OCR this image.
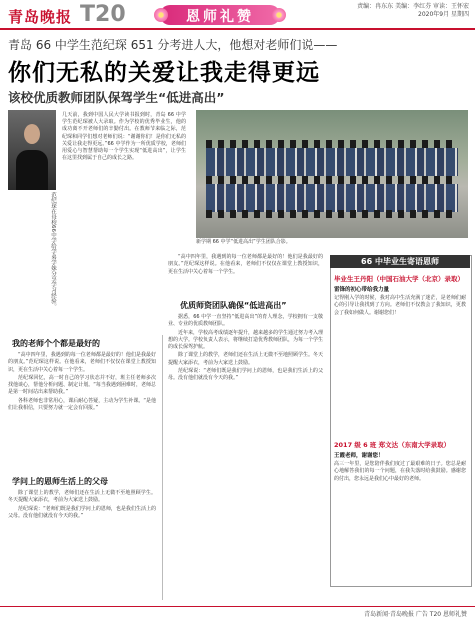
青岛晚报 T20	恩师礼赞
责编：冉东东 美编：李红芬 审读：王怀宏
2020年9月 星期四
青岛 66 中学生范纪琛 651 分考进人大，他想对老师们说——
你们无私的关爱让我走得更远
该校优质教师团队保驾学生“低进高出”
范纪琛在母校66中学给学弟学妹分享学习经验。
几天前，我到中国人民大学读书报到时，青岛 66 中学学生范纪琛被人大录取。作为学校的优秀毕业生，他的成功离不开老师们的辛勤付出。在教师节来临之际，范纪琛和同学们想对老师们说：“谢谢你们！是你们无私的关爱让我走得更远。”66 中学作为一所优质学校，老师们用爱心与智慧帮助每一个学生实现“低进高出”，让学生在这里找到属于自己的成长之路。
新学期 66 中学“低进高出”学生团队合影。
我的老师个个都是最好的

“高中四年里，我遇到的每一位老师都是最好的！他们是我最好的朋友。”范纪琛这样说。在他看来，老师们不仅仅在课堂上教授知识，更在生活中关心着每一个学生。

范纪琛回忆，高一时自己的学习状态并不好，班主任老师多次找他谈心，帮他分析问题、制定计划。“每当我遇到困难时，老师总是第一时间站出来帮助我。”

各科老师也非常用心，课后耐心答疑，主动为学生补课。“是他们让我相信，只要努力就一定会有回报。”

学问上的恩师生活上的父母

除了课堂上的教学，老师们还在生活上无微不至地照顾学生。冬天提醒大家添衣，考前为大家送上鼓励。

范纪琛说：“老师们既是我们学问上的恩师，也是我们生活上的父母。没有他们就没有今天的我。”

“高中四年里，我遇到的每一位老师都是最好的！他们是我最好的朋友。”范纪琛这样说。在他看来，老师们不仅仅在课堂上教授知识，更在生活中关心着每一个学生。

优质师资团队确保“低进高出”

据悉，66 中学一直坚持“低进高出”的育人理念，学校拥有一支敬业、专业的优质教师团队。

近年来，学校高考成绩逐年提升，越来越多的学生通过努力考入理想的大学。学校负责人表示，将继续打造优秀教师团队，为每一个学生的成长保驾护航。

除了课堂上的教学，老师们还在生活上无微不至地照顾学生。冬天提醒大家添衣，考前为大家送上鼓励。

范纪琛说：“老师们既是我们学问上的恩师，也是我们生活上的父母。没有他们就没有今天的我。”

66 中毕业生寄语恩师
毕业生王丹阳（中国石油大学（北京）录取）
雷锋的初心带给我力量
记得刚入学的时候，我对高中生活充满了迷茫，是老师们耐心的引导让我找到了方向。老师们不仅教会了我知识，更教会了我如何做人。谢谢您们！
2017 级 6 班 郑文达（东南大学录取）
王霞老师，谢谢您！
高三一年里，是您陪伴我们度过了最艰难的日子。您总是耐心地解答我们的每一个问题，在我失落时给我鼓励。感谢您的付出，您永远是我们心中最好的老师。
青岛新闻·青岛晚报 广告 T20 恩师礼赞
